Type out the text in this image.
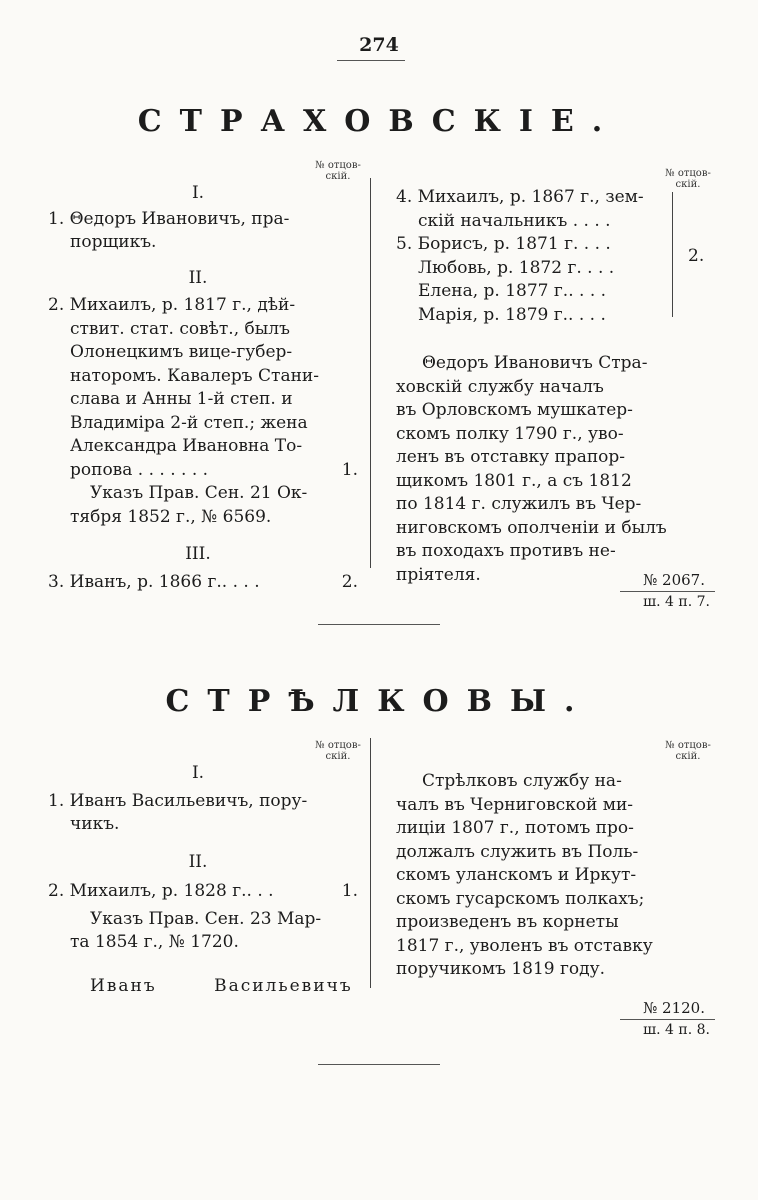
274
СТРАХОВСКIЕ.
№ отцов-
скiй.
I.
1. Θедоръ Ивановичъ, пра-
порщикъ.
II.
2. Михаилъ, р. 1817 г., дѣй-
ствит. стат. совѣт., былъ
Олонецкимъ вице-губер-
наторомъ. Кавалеръ Стани-
слава и Анны 1-й степ. и
Владимiра 2-й степ.; жена
Александра Ивановна То-
ропова . . . . . . .	1.
Указъ Прав. Сен. 21 Ок-
тября 1852 г., № 6569.
III.
3. Иванъ, р. 1866 г.. . . .	2.
№ отцов-
скiй.
4. Михаилъ, р. 1867 г., зем-
скiй начальникъ . . . .
5. Борисъ, р. 1871 г. . . .
Любовь, р. 1872 г. . . .
Елена, р. 1877 г.. . . .
Марiя, р. 1879 г.. . . .
2.
Θедоръ Ивановичъ Стра-
ховскiй службу началъ
въ Орловскомъ мушкатер-
скомъ полку 1790 г., уво-
ленъ въ отставку прапор-
щикомъ 1801 г., а съ 1812
по 1814 г. служилъ въ Чер-
ниговскомъ ополченiи и былъ
въ походахъ противъ не-
прiятеля.	№ 2067.
ш. 4 п. 7.
СТРѢЛКОВЫ.
№ отцов-
скiй.
I.
1. Иванъ Васильевичъ, пору-
чикъ.
II.
2. Михаилъ, р. 1828 г.. . .	1.
Указъ Прав. Сен. 23 Мар-
та 1854 г., № 1720.
Иванъ Васильевичъ
№ отцов-
скiй.
Стрѣлковъ службу на-
чалъ въ Черниговской ми-
лицiи 1807 г., потомъ про-
должалъ служить въ Поль-
скомъ уланскомъ и Иркут-
скомъ гусарскомъ полкахъ;
произведенъ въ корнеты
1817 г., уволенъ въ отставку
поручикомъ 1819 году.
№ 2120.
ш. 4 п. 8.
